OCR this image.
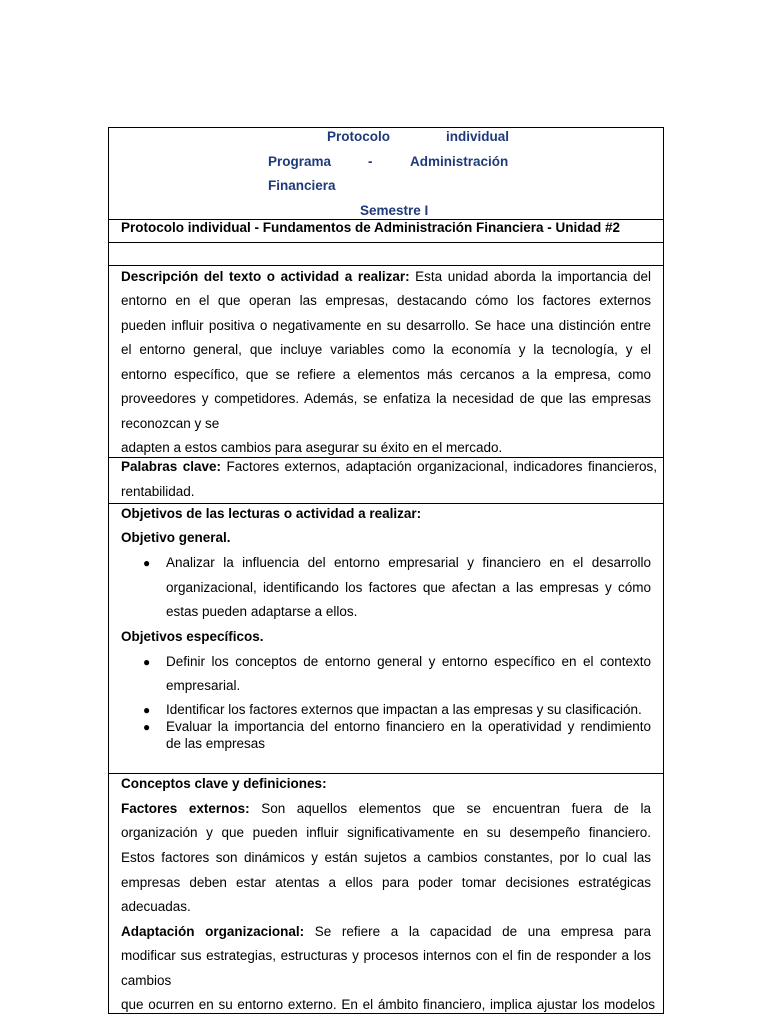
Protocolo	individual
Programa	-	Administración
Financiera
Semestre I
Protocolo individual - Fundamentos de Administración Financiera - Unidad #2
Descripción del texto o actividad a realizar: Esta unidad aborda la importancia del
entorno en el que operan las empresas, destacando cómo los factores externos
pueden influir positiva o negativamente en su desarrollo. Se hace una distinción entre
el entorno general, que incluye variables como la economía y la tecnología, y el
entorno específico, que se refiere a elementos más cercanos a la empresa, como
proveedores y competidores. Además, se enfatiza la necesidad de que las empresas
reconozcan y se
adapten a estos cambios para asegurar su éxito en el mercado.
Palabras clave: Factores externos, adaptación organizacional, indicadores financieros,
rentabilidad.
Objetivos de las lecturas o actividad a realizar:
Objetivo general.
● Analizar la influencia del entorno empresarial y financiero en el desarrollo
organizacional, identificando los factores que afectan a las empresas y cómo
estas pueden adaptarse a ellos.
Objetivos específicos.
● Definir los conceptos de entorno general y entorno específico en el contexto
empresarial.
● Identificar los factores externos que impactan a las empresas y su clasificación.
● Evaluar la importancia del entorno financiero en la operatividad y rendimiento
de las empresas
Conceptos clave y definiciones:
Factores externos: Son aquellos elementos que se encuentran fuera de la
organización y que pueden influir significativamente en su desempeño financiero.
Estos factores son dinámicos y están sujetos a cambios constantes, por lo cual las
empresas deben estar atentas a ellos para poder tomar decisiones estratégicas
adecuadas.
Adaptación organizacional: Se refiere a la capacidad de una empresa para
modificar sus estrategias, estructuras y procesos internos con el fin de responder a los
cambios
que ocurren en su entorno externo. En el ámbito financiero, implica ajustar los modelos
